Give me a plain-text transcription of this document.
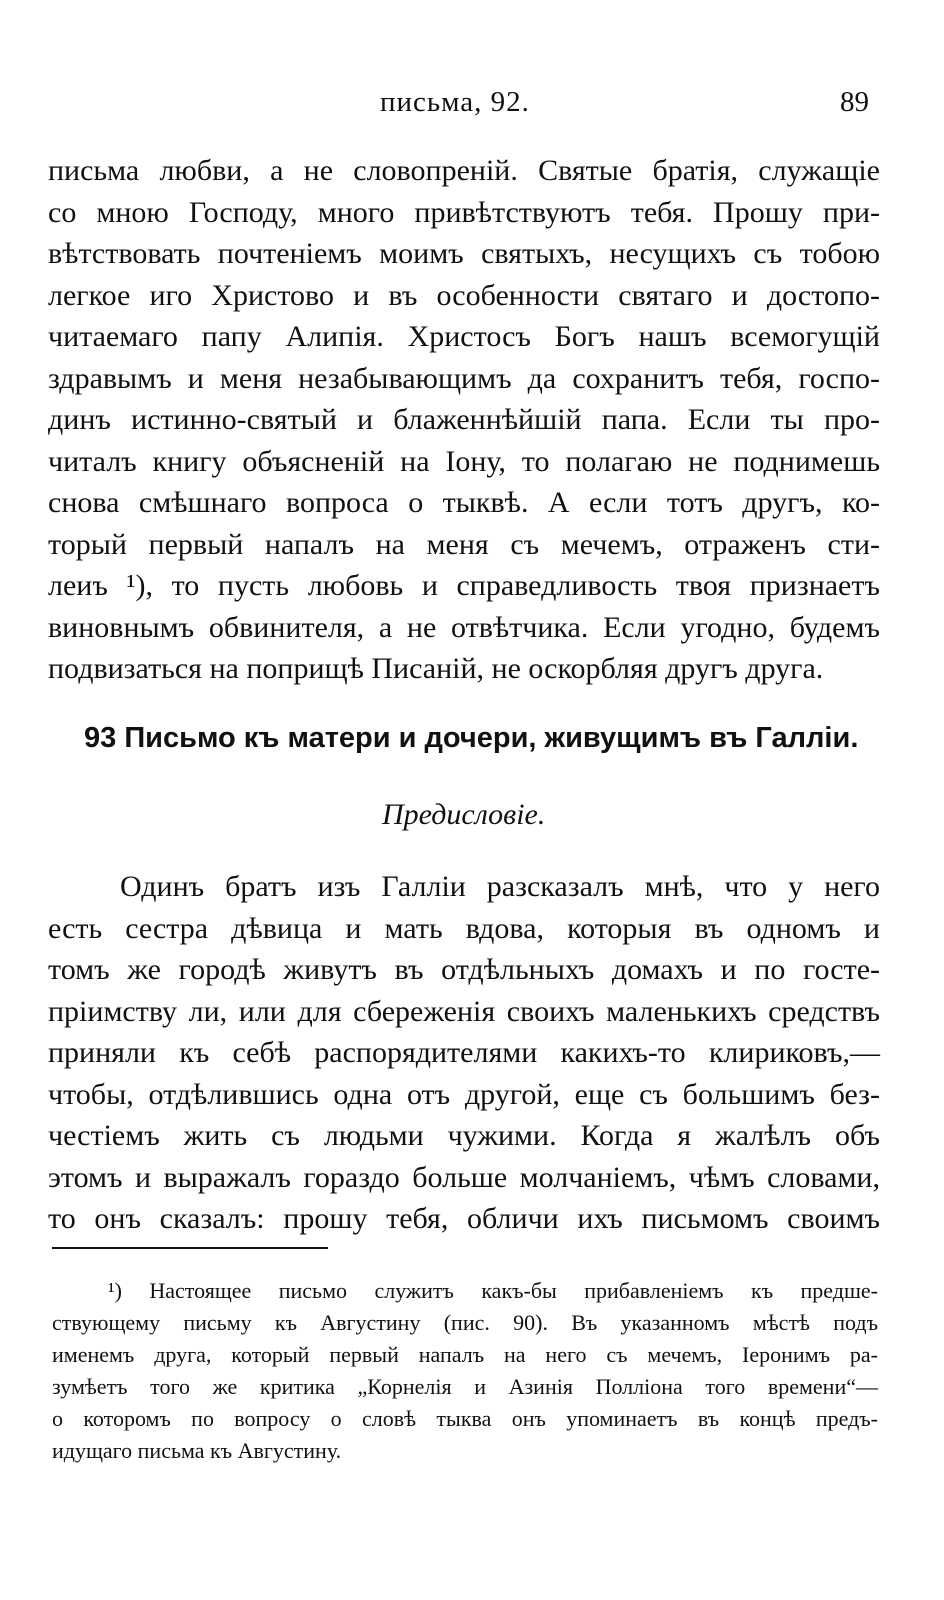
письма, 92.	89
письма любви, а не словопреній. Святые братія, служащіе
со мною Господу, много привѣтствуютъ тебя. Прошу при-
вѣтствовать почтеніемъ моимъ святыхъ, несущихъ съ тобою
легкое иго Христово и въ особенности святаго и достопо-
читаемаго папу Алипія. Христосъ Богъ нашъ всемогущій
здравымъ и меня незабывающимъ да сохранитъ тебя, госпо-
динъ истинно-святый и блаженнѣйшій папа. Если ты про-
читалъ книгу объясненій на Іону, то полагаю не поднимешь
снова смѣшнаго вопроса о тыквѣ. А если тотъ другъ, ко-
торый первый напалъ на меня съ мечемъ, отраженъ сти-
леиъ ¹), то пусть любовь и справедливость твоя признаетъ
виновнымъ обвинителя, а не отвѣтчика. Если угодно, будемъ
подвизаться на поприщѣ Писаній, не оскорбляя другъ друга.
93 Письмо къ матери и дочери, живущимъ въ Галліи.
Предисловіе.
Одинъ братъ изъ Галліи разсказалъ мнѣ, что у него
есть сестра дѣвица и мать вдова, которыя въ одномъ и
томъ же городѣ живутъ въ отдѣльныхъ домахъ и по госте-
пріимству ли, или для сбереженія своихъ маленькихъ средствъ
приняли къ себѣ распорядителями какихъ-то клириковъ,—
чтобы, отдѣлившись одна отъ другой, еще съ большимъ без-
честіемъ жить съ людьми чужими. Когда я жалѣлъ объ
этомъ и выражалъ гораздо больше молчаніемъ, чѣмъ словами,
то онъ сказалъ: прошу тебя, обличи ихъ письмомъ своимъ
¹) Настоящее письмо служитъ какъ-бы прибавленіемъ къ предше-
ствующему письму къ Августину (пис. 90). Въ указанномъ мѣстѣ подъ
именемъ друга, который первый напалъ на него съ мечемъ, Іеронимъ ра-
зумѣетъ того же критика „Корнелія и Азинія Полліона того времени“—
о которомъ по вопросу о словѣ тыква онъ упоминаетъ въ концѣ предъ-
идущаго письма къ Августину.
